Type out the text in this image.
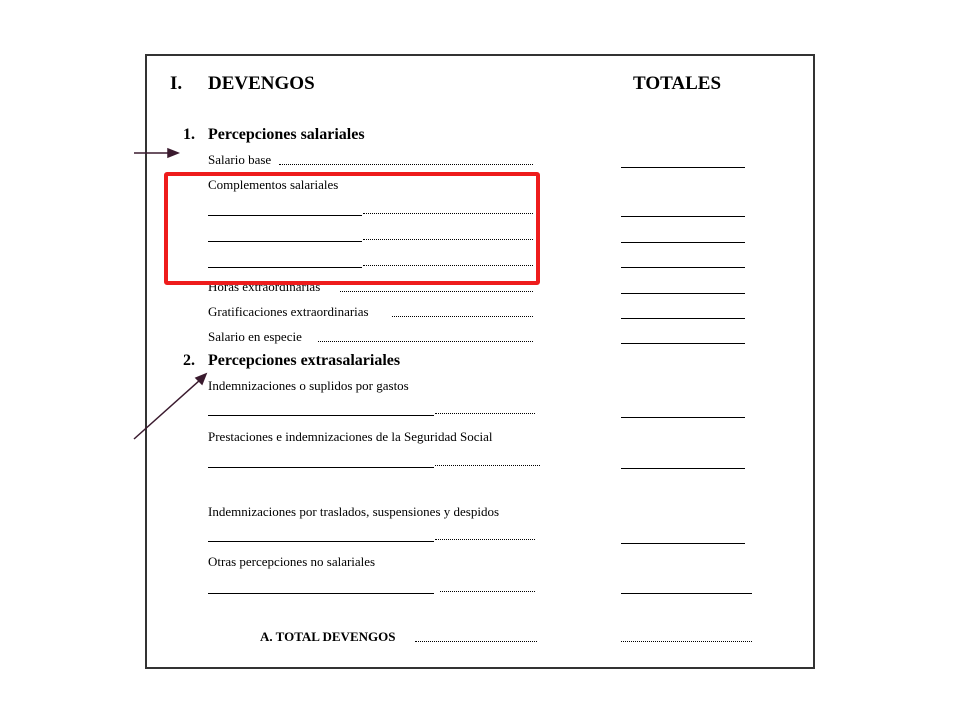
I. DEVENGOS	TOTALES
1. Percepciones salariales
Salario base
Complementos salariales
Horas extraordinarias
Gratificaciones extraordinarias
Salario en especie
2. Percepciones extrasalariales
Indemnizaciones o suplidos por gastos
Prestaciones e indemnizaciones de la Seguridad Social
Indemnizaciones por traslados, suspensiones y despidos
Otras percepciones no salariales
A. TOTAL DEVENGOS
